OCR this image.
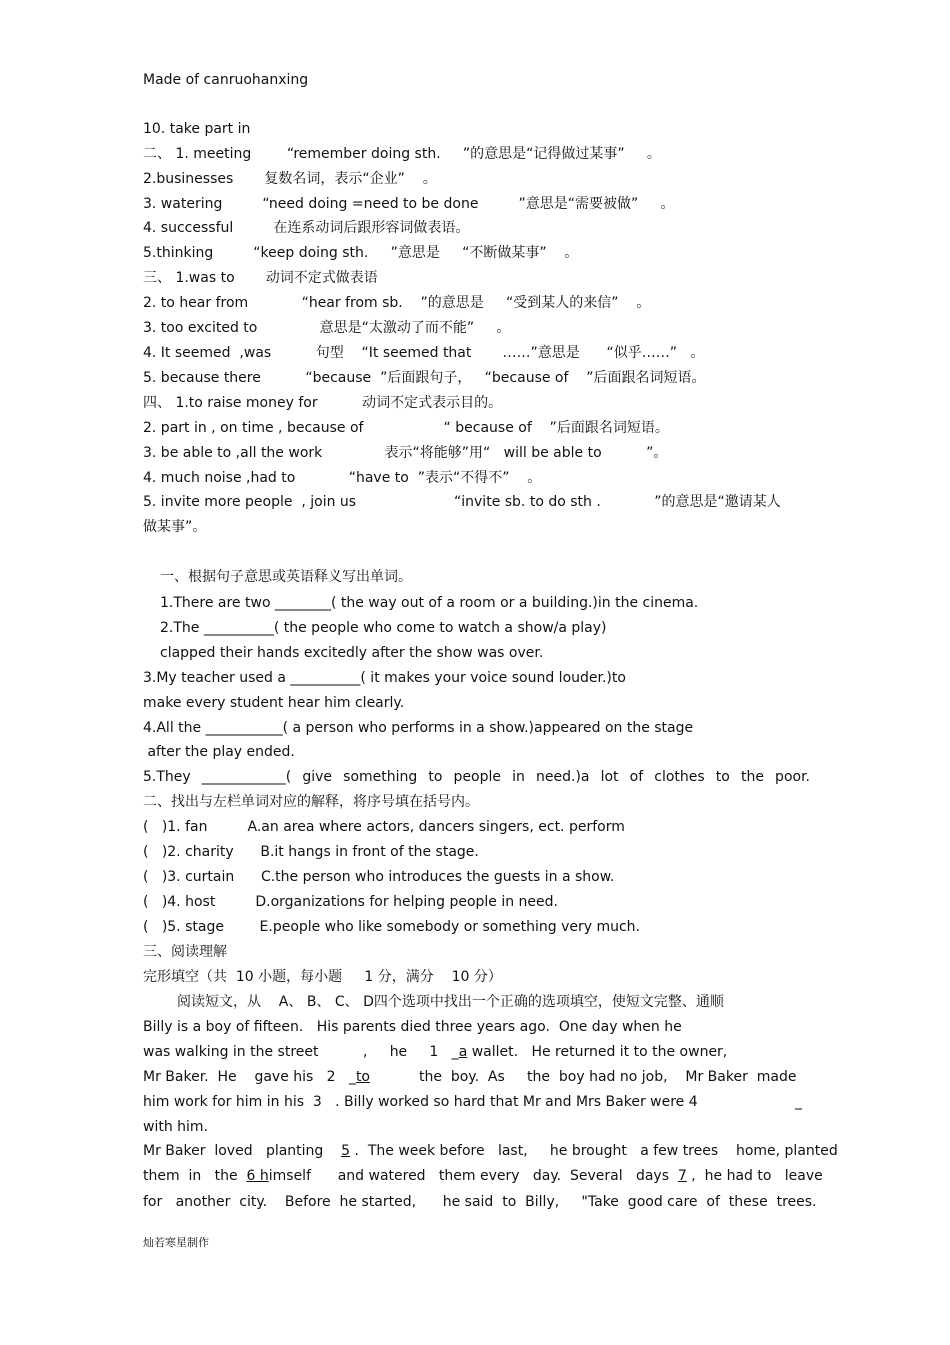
Made of canruohanxing
10. take part in
二、 1. meeting        “remember doing sth.     ”的意思是“记得做过某事”     。
2.businesses       复数名词，表示“企业”    。
3. watering         “need doing =need to be done         ”意思是“需要被做”     。
4. successful         在连系动词后跟形容词做表语。
5.thinking         “keep doing sth.     ”意思是     “不断做某事”    。
三、 1.was to       动词不定式做表语
2. to hear from            “hear from sb.    ”的意思是     “受到某人的来信”    。
3. too excited to              意思是“太激动了而不能”     。
4. It seemed  ,was          句型    “It seemed that       ……”意思是      “似乎……”   。
5. because there          “because  ”后面跟句子，   “because of    ”后面跟名词短语。
四、 1.to raise money for          动词不定式表示目的。
2. part in , on time , because of                  “ because of    ”后面跟名词短语。
3. be able to ,all the work              表示“将能够”用“   will be able to          ”。
4. much noise ,had to            “have to  ”表示“不得不”    。
5. invite more people  , join us                      “invite sb. to do sth .            ”的意思是“邀请某人
做某事”。
一、根据句子意思或英语释义写出单词。
1.There are two ________( the way out of a room or a building.)in the cinema.
2.The __________( the people who come to watch a show/a play)
clapped their hands excitedly after the show was over.
3.My teacher used a __________( it makes your voice sound louder.)to
make every student hear him clearly.
4.All the ___________( a person who performs in a show.)appeared on the stage
after the play ended.
5.They ____________( give something to people in need.)a lot of clothes to the poor.
二、找出与左栏单词对应的解释，将序号填在括号内。
(   )1. fan         A.an area where actors, dancers singers, ect. perform
(   )2. charity      B.it hangs in front of the stage.
(   )3. curtain      C.the person who introduces the guests in a show.
(   )4. host         D.organizations for helping people in need.
(   )5. stage        E.people who like somebody or something very much.
三、阅读理解
完形填空（共  10 小题，每小题     1 分，满分    10 分）
阅读短文，从    A、 B、 C、 D四个选项中找出一个正确的选项填空，使短文完整、通顺
Billy is a boy of fifteen.   His parents died three years ago.  One day when he
was walking in the street          ,     he     1   _a wallet.   He returned it to the owner,
Mr Baker.  He    gave his   2   _to           the  boy.  As     the  boy had no job,    Mr Baker  made
him work for him in his  3   . Billy worked so hard that Mr and Mrs Baker were 4	_
with him.
Mr Baker  loved   planting    5 .  The week before   last,     he brought   a few trees    home, planted
them  in   the  6 himself      and watered   them every   day.  Several   days  7 ,  he had to   leave
for   another  city.    Before  he started,      he said  to  Billy,     "Take  good care  of  these  trees.
灿若寒星制作
